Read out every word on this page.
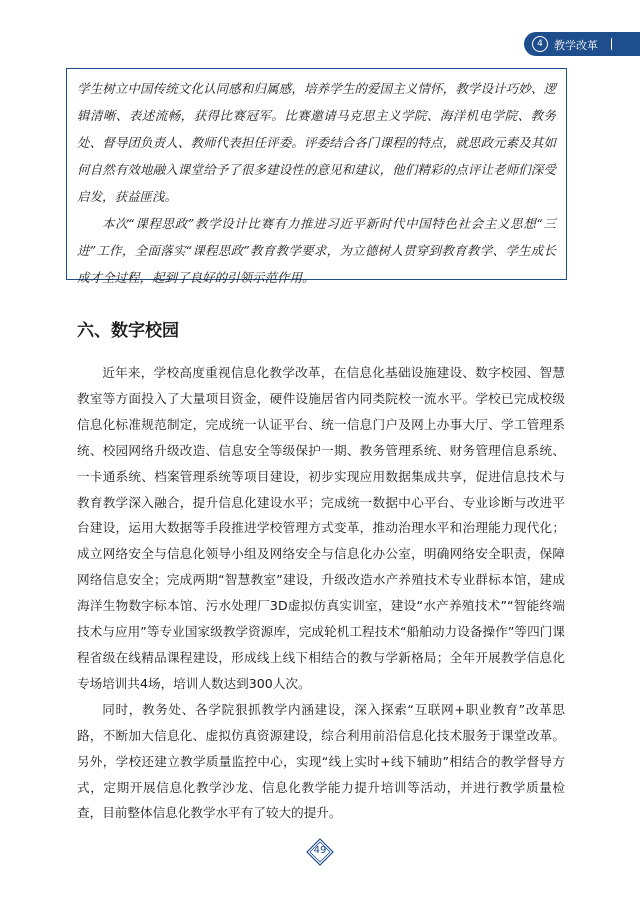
4	教学改革

学生树立中国传统文化认同感和归属感，培养学生的爱国主义情怀，教学设计巧妙、逻辑清晰、表述流畅，获得比赛冠军。比赛邀请马克思主义学院、海洋机电学院、教务处、督导团负责人、教师代表担任评委。评委结合各门课程的特点，就思政元素及其如何自然有效地融入课堂给予了很多建设性的意见和建议，他们精彩的点评让老师们深受启发，获益匪浅。

本次“课程思政”教学设计比赛有力推进习近平新时代中国特色社会主义思想“三进”工作，全面落实“课程思政”教育教学要求，为立德树人贯穿到教育教学、学生成长成才全过程，起到了良好的引领示范作用。

六、数字校园

近年来，学校高度重视信息化教学改革，在信息化基础设施建设、数字校园、智慧教室等方面投入了大量项目资金，硬件设施居省内同类院校一流水平。学校已完成校级信息化标准规范制定，完成统一认证平台、统一信息门户及网上办事大厅、学工管理系统、校园网络升级改造、信息安全等级保护一期、教务管理系统、财务管理信息系统、一卡通系统、档案管理系统等项目建设，初步实现应用数据集成共享，促进信息技术与教育教学深入融合，提升信息化建设水平；完成统一数据中心平台、专业诊断与改进平台建设，运用大数据等手段推进学校管理方式变革，推动治理水平和治理能力现代化；成立网络安全与信息化领导小组及网络安全与信息化办公室，明确网络安全职责，保障网络信息安全；完成两期“智慧教室”建设，升级改造水产养殖技术专业群标本馆，建成海洋生物数字标本馆、污水处理厂3D虚拟仿真实训室，建设“水产养殖技术”“智能终端技术与应用”等专业国家级教学资源库，完成轮机工程技术“船舶动力设备操作”等四门课程省级在线精品课程建设，形成线上线下相结合的教与学新格局；全年开展教学信息化专场培训共4场，培训人数达到300人次。

同时，教务处、各学院狠抓教学内涵建设，深入探索“互联网+职业教育”改革思路，不断加大信息化、虚拟仿真资源建设，综合利用前沿信息化技术服务于课堂改革。另外，学校还建立教学质量监控中心，实现“线上实时+线下辅助”相结合的教学督导方式，定期开展信息化教学沙龙、信息化教学能力提升培训等活动，并进行教学质量检查，目前整体信息化教学水平有了较大的提升。

49
